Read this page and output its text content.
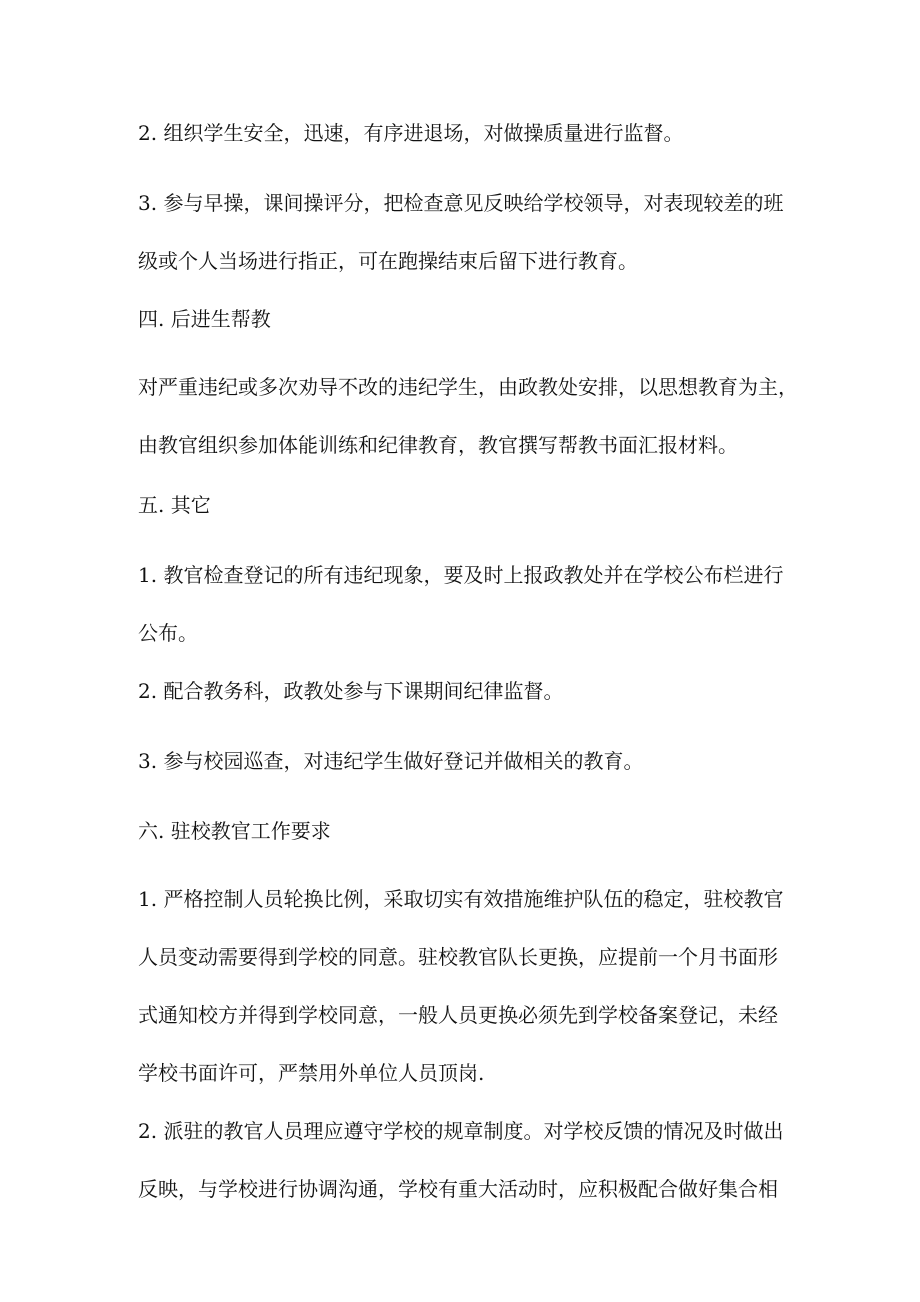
2. 组织学生安全，迅速，有序进退场，对做操质量进行监督。
3. 参与早操，课间操评分，把检查意见反映给学校领导，对表现较差的班
级或个人当场进行指正，可在跑操结束后留下进行教育。
四. 后进生帮教
对严重违纪或多次劝导不改的违纪学生，由政教处安排，以思想教育为主，
由教官组织参加体能训练和纪律教育，教官撰写帮教书面汇报材料。
五. 其它
1. 教官检查登记的所有违纪现象，要及时上报政教处并在学校公布栏进行
公布。
2. 配合教务科，政教处参与下课期间纪律监督。
3. 参与校园巡查，对违纪学生做好登记并做相关的教育。
六. 驻校教官工作要求
1. 严格控制人员轮换比例，采取切实有效措施维护队伍的稳定，驻校教官
人员变动需要得到学校的同意。驻校教官队长更换，应提前一个月书面形
式通知校方并得到学校同意，一般人员更换必须先到学校备案登记，未经
学校书面许可，严禁用外单位人员顶岗.
2. 派驻的教官人员理应遵守学校的规章制度。对学校反馈的情况及时做出
反映，与学校进行协调沟通，学校有重大活动时，应积极配合做好集合相
